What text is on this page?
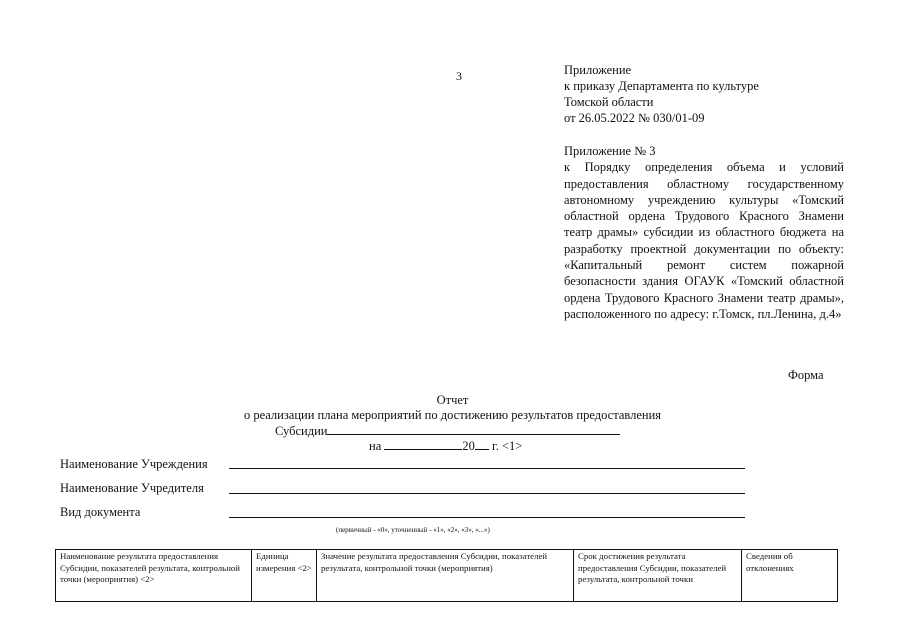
3	Приложение
к приказу Департамента по культуре
Томской области
от 26.05.2022 № 030/01-09
Приложение № 3
к Порядку определения объема и условий предоставления областному государственному автономному учреждению культуры «Томский областной ордена Трудового Красного Знамени театр драмы» субсидии из областного бюджета на разработку проектной документации по объекту: «Капитальный ремонт систем пожарной безопасности здания ОГАУК «Томский областной ордена Трудового Красного Знамени театр драмы», расположенного по адресу: г.Томск, пл.Ленина, д.4»
Форма
Отчет
о реализации плана мероприятий по достижению результатов предоставления
Субсидии
на	20 г. <1>
Наименование Учреждения
Наименование Учредителя
Вид документа
(первичный - «0», уточненный - «1», «2», «3», «...»)
Наименование результата предоставления Субсидии, показателей результата, контрольной точки (мероприятия) <2>	Единица измерения <2>	Значение результата предоставления Субсидии, показателей результата, контрольной точки (мероприятия)	Срок достижения результата предоставления Субсидии, показателей результата, контрольной точки	Сведения об отклонениях
